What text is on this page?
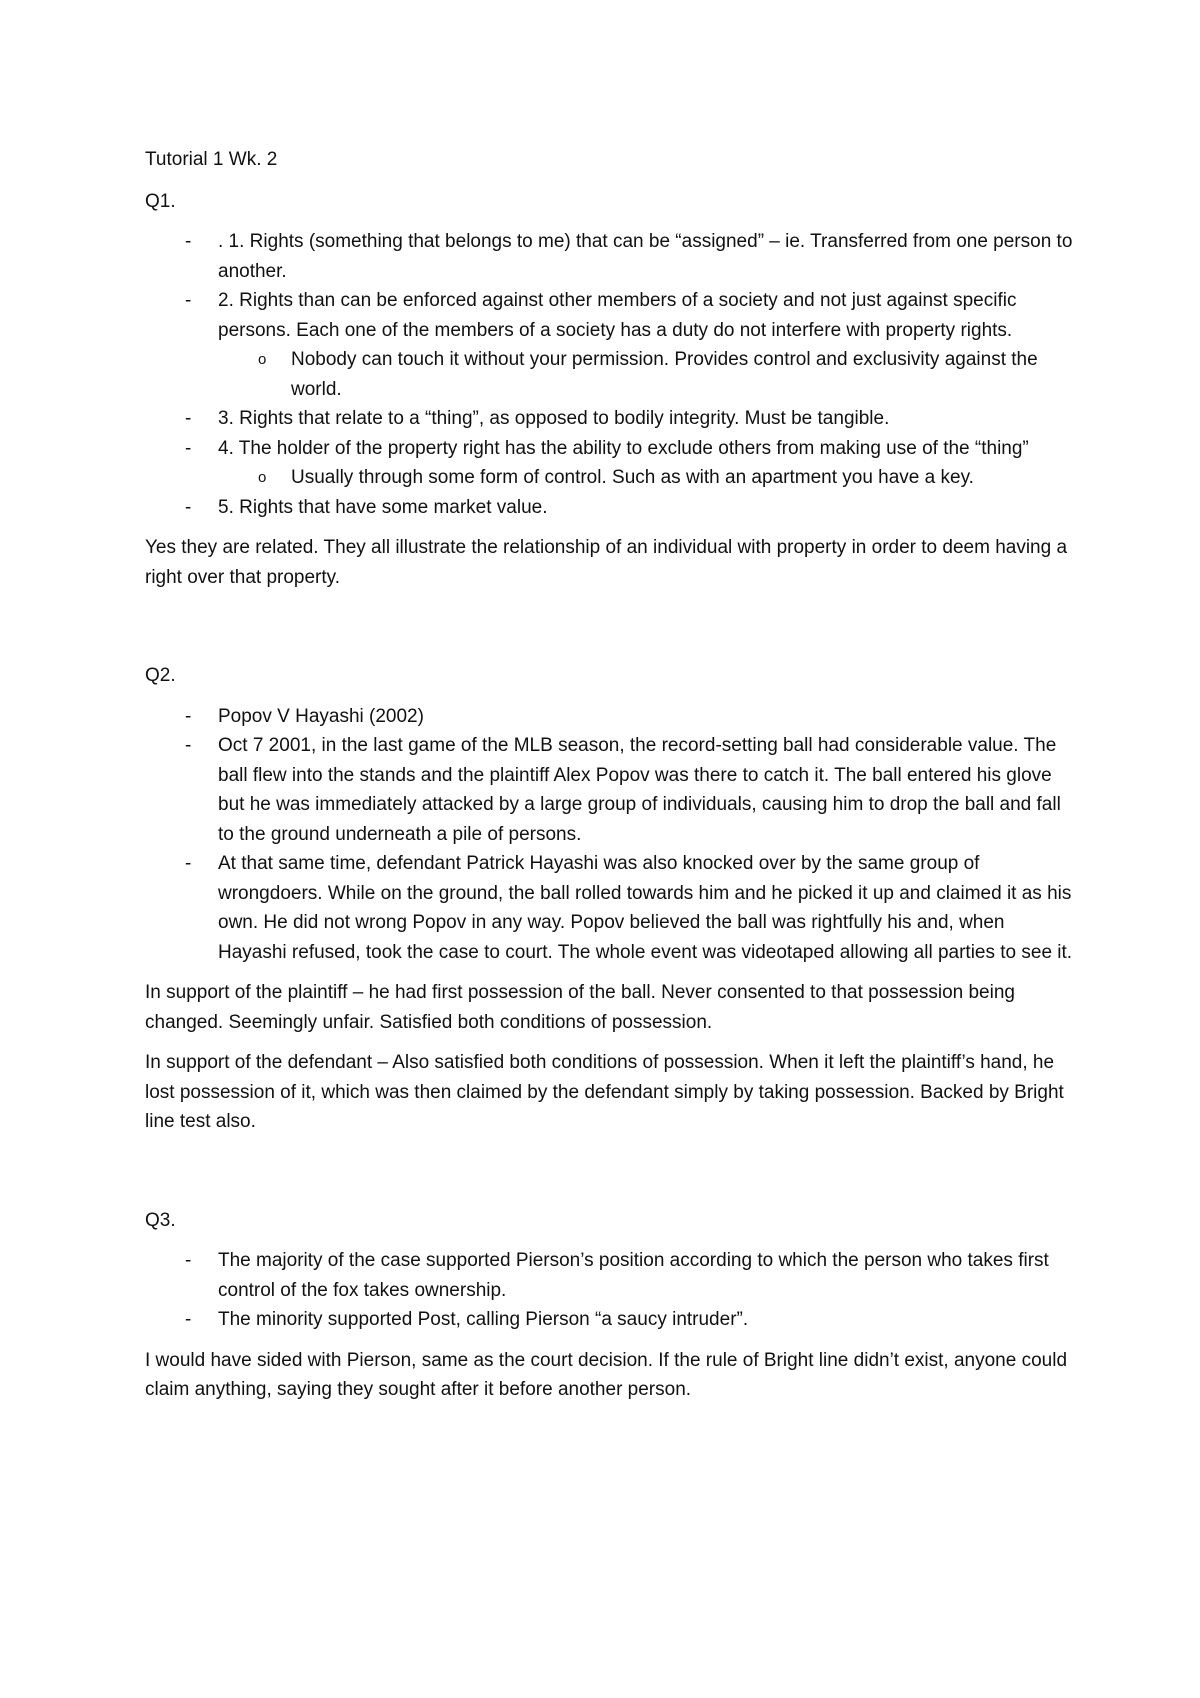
Tutorial 1 Wk. 2

Q1.

- . 1. Rights (something that belongs to me) that can be “assigned” – ie. Transferred from one person to another.
- 2. Rights than can be enforced against other members of a society and not just against specific persons. Each one of the members of a society has a duty do not interfere with property rights.
o Nobody can touch it without your permission. Provides control and exclusivity against the world.
- 3. Rights that relate to a “thing”, as opposed to bodily integrity. Must be tangible.
- 4. The holder of the property right has the ability to exclude others from making use of the “thing”
o Usually through some form of control. Such as with an apartment you have a key.
- 5. Rights that have some market value.

Yes they are related. They all illustrate the relationship of an individual with property in order to deem having a right over that property.

Q2.

- Popov V Hayashi (2002)
- Oct 7 2001, in the last game of the MLB season, the record-setting ball had considerable value. The ball flew into the stands and the plaintiff Alex Popov was there to catch it. The ball entered his glove but he was immediately attacked by a large group of individuals, causing him to drop the ball and fall to the ground underneath a pile of persons.
- At that same time, defendant Patrick Hayashi was also knocked over by the same group of wrongdoers. While on the ground, the ball rolled towards him and he picked it up and claimed it as his own. He did not wrong Popov in any way. Popov believed the ball was rightfully his and, when Hayashi refused, took the case to court. The whole event was videotaped allowing all parties to see it.

In support of the plaintiff – he had first possession of the ball. Never consented to that possession being changed. Seemingly unfair. Satisfied both conditions of possession.

In support of the defendant – Also satisfied both conditions of possession. When it left the plaintiff’s hand, he lost possession of it, which was then claimed by the defendant simply by taking possession. Backed by Bright line test also.

Q3.

- The majority of the case supported Pierson’s position according to which the person who takes first control of the fox takes ownership.
- The minority supported Post, calling Pierson “a saucy intruder”.

I would have sided with Pierson, same as the court decision. If the rule of Bright line didn’t exist, anyone could claim anything, saying they sought after it before another person.
